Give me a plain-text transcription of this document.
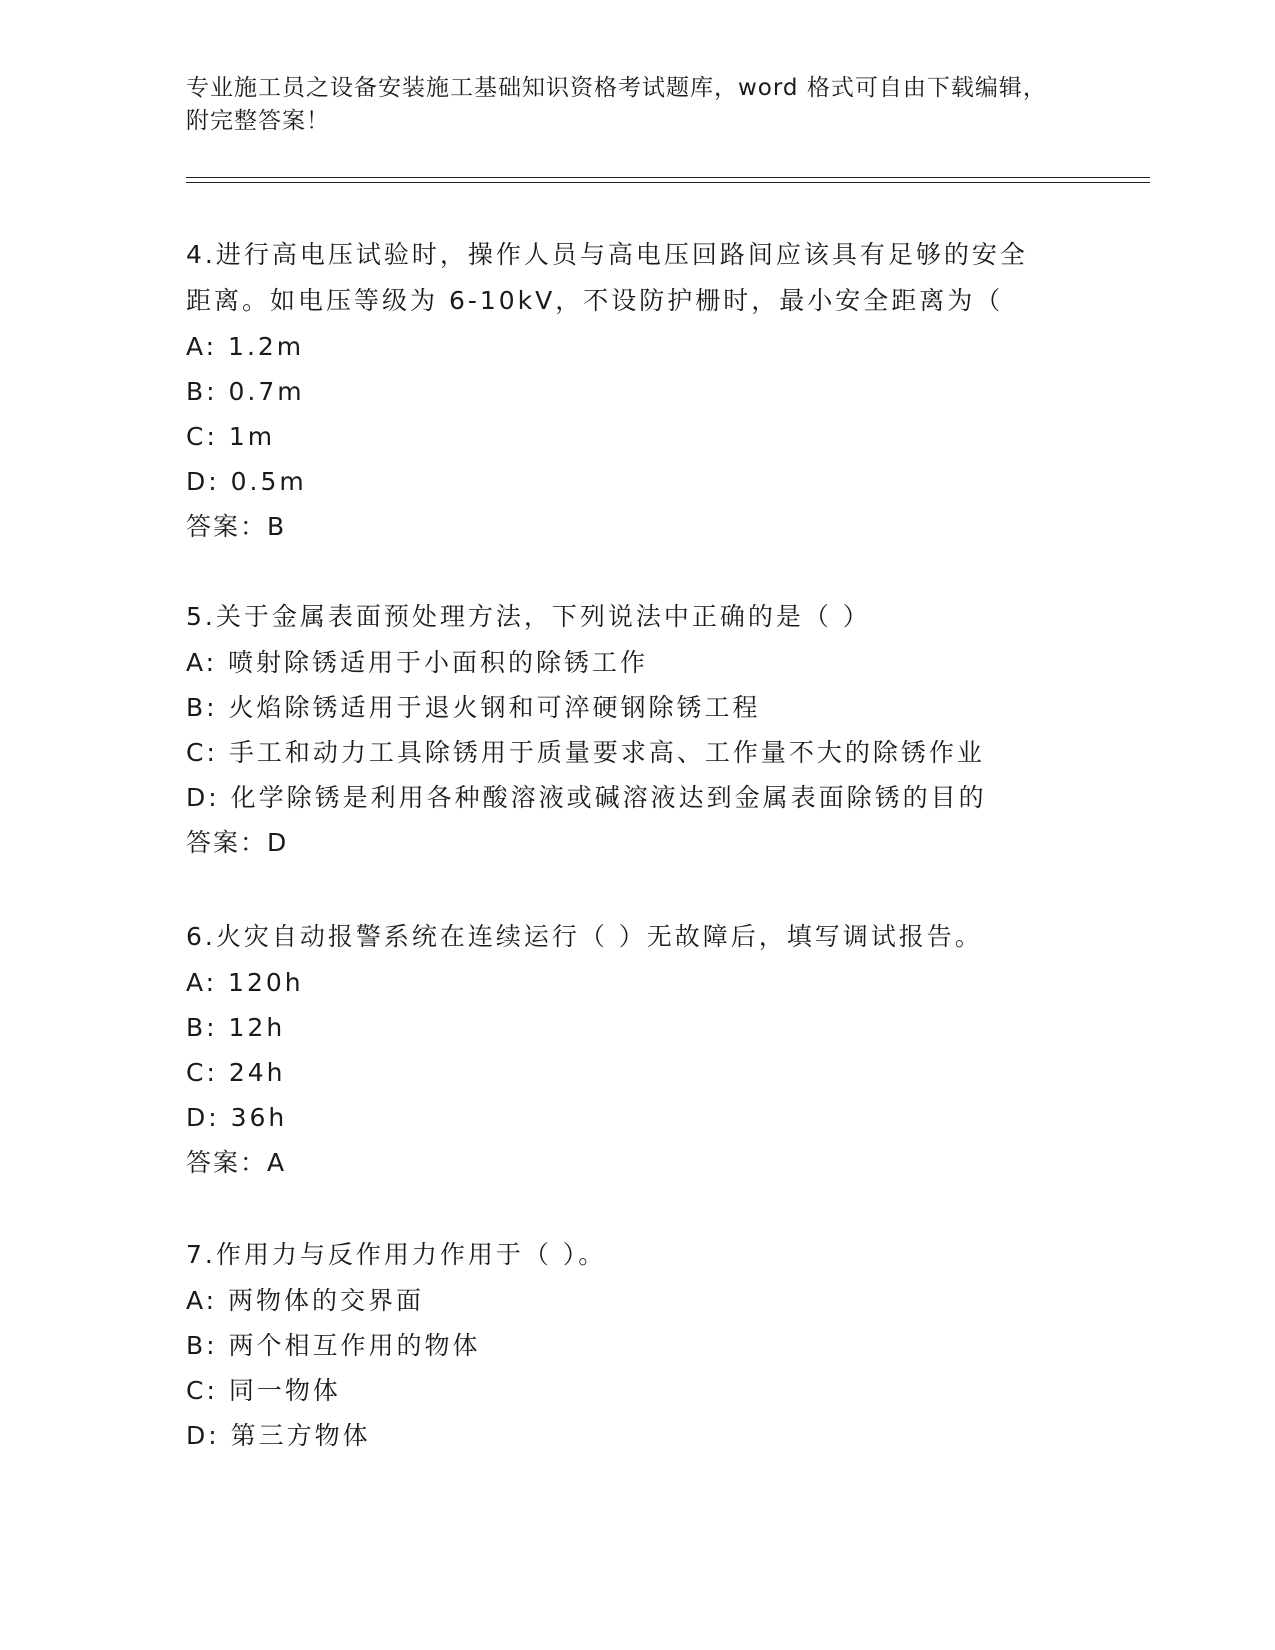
专业施工员之设备安装施工基础知识资格考试题库，word 格式可自由下载编辑，
附完整答案！
4.进行高电压试验时，操作人员与高电压回路间应该具有足够的安全
距离。如电压等级为 6-10kV，不设防护栅时，最小安全距离为（
A: 1.2m
B: 0.7m
C: 1m
D: 0.5m
答案：B
5.关于金属表面预处理方法，下列说法中正确的是（ ）
A: 喷射除锈适用于小面积的除锈工作
B: 火焰除锈适用于退火钢和可淬硬钢除锈工程
C: 手工和动力工具除锈用于质量要求高、工作量不大的除锈作业
D: 化学除锈是利用各种酸溶液或碱溶液达到金属表面除锈的目的
答案：D
6.火灾自动报警系统在连续运行（ ）无故障后，填写调试报告。
A: 120h
B: 12h
C: 24h
D: 36h
答案：A
7.作用力与反作用力作用于（ ）。
A: 两物体的交界面
B: 两个相互作用的物体
C: 同一物体
D: 第三方物体
